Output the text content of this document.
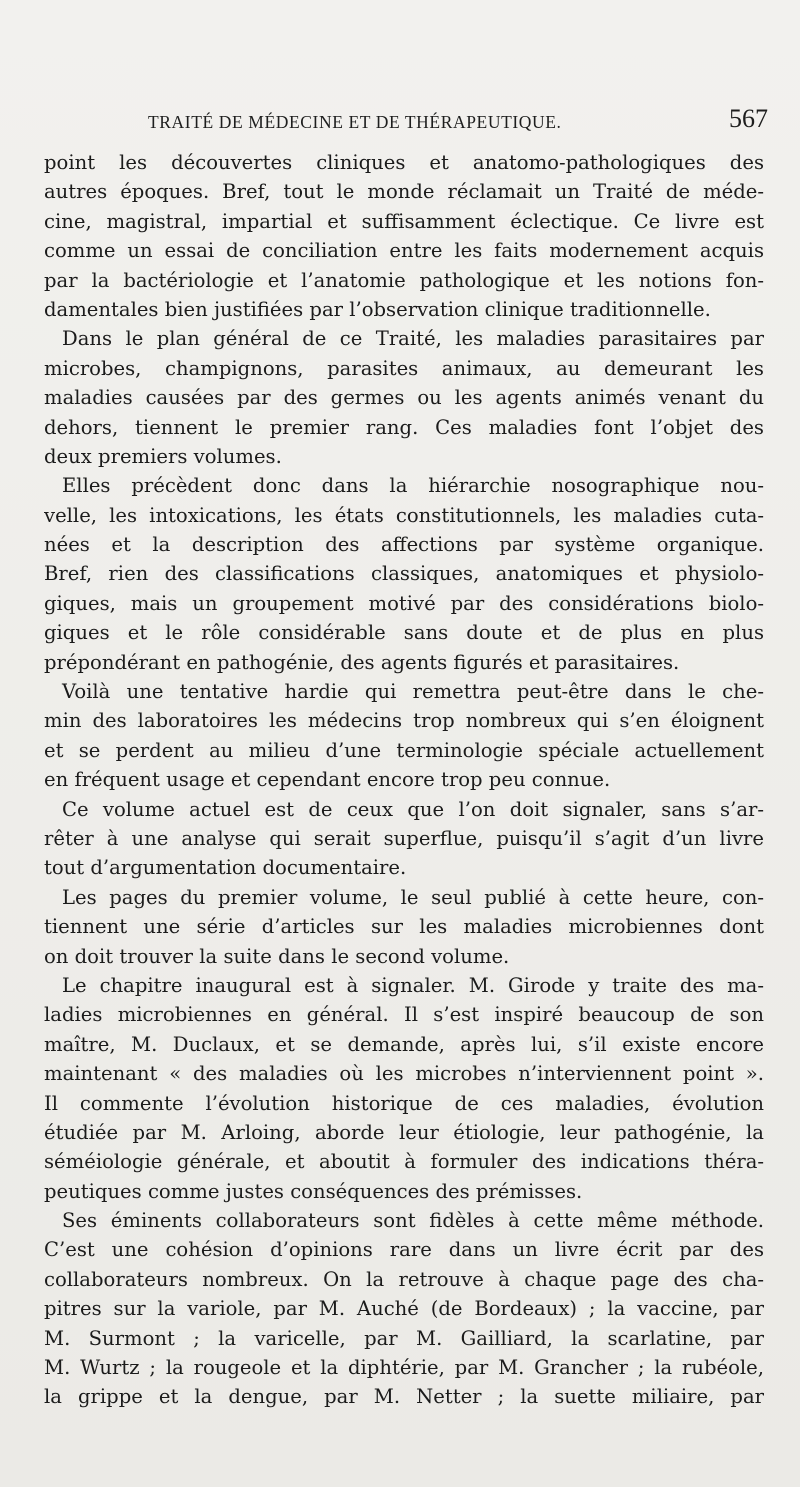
TRAITÉ DE MÉDECINE ET DE THÉRAPEUTIQUE.	567
point les découvertes cliniques et anatomo-pathologiques des
autres époques. Bref, tout le monde réclamait un Traité de méde-
cine, magistral, impartial et suffisamment éclectique. Ce livre est
comme un essai de conciliation entre les faits modernement acquis
par la bactériologie et l’anatomie pathologique et les notions fon-
damentales bien justifiées par l’observation clinique traditionnelle.
Dans le plan général de ce Traité, les maladies parasitaires par
microbes, champignons, parasites animaux, au demeurant les
maladies causées par des germes ou les agents animés venant du
dehors, tiennent le premier rang. Ces maladies font l’objet des
deux premiers volumes.
Elles précèdent donc dans la hiérarchie nosographique nou-
velle, les intoxications, les états constitutionnels, les maladies cuta-
nées et la description des affections par système organique.
Bref, rien des classifications classiques, anatomiques et physiolo-
giques, mais un groupement motivé par des considérations biolo-
giques et le rôle considérable sans doute et de plus en plus
prépondérant en pathogénie, des agents figurés et parasitaires.
Voilà une tentative hardie qui remettra peut-être dans le che-
min des laboratoires les médecins trop nombreux qui s’en éloignent
et se perdent au milieu d’une terminologie spéciale actuellement
en fréquent usage et cependant encore trop peu connue.
Ce volume actuel est de ceux que l’on doit signaler, sans s’ar-
rêter à une analyse qui serait superflue, puisqu’il s’agit d’un livre
tout d’argumentation documentaire.
Les pages du premier volume, le seul publié à cette heure, con-
tiennent une série d’articles sur les maladies microbiennes dont
on doit trouver la suite dans le second volume.
Le chapitre inaugural est à signaler. M. Girode y traite des ma-
ladies microbiennes en général. Il s’est inspiré beaucoup de son
maître, M. Duclaux, et se demande, après lui, s’il existe encore
maintenant « des maladies où les microbes n’interviennent point ».
Il commente l’évolution historique de ces maladies, évolution
étudiée par M. Arloing, aborde leur étiologie, leur pathogénie, la
séméiologie générale, et aboutit à formuler des indications théra-
peutiques comme justes conséquences des prémisses.
Ses éminents collaborateurs sont fidèles à cette même méthode.
C’est une cohésion d’opinions rare dans un livre écrit par des
collaborateurs nombreux. On la retrouve à chaque page des cha-
pitres sur la variole, par M. Auché (de Bordeaux) ; la vaccine, par
M. Surmont ; la varicelle, par M. Gailliard, la scarlatine, par
M. Wurtz ; la rougeole et la diphtérie, par M. Grancher ; la rubéole,
la grippe et la dengue, par M. Netter ; la suette miliaire, par
